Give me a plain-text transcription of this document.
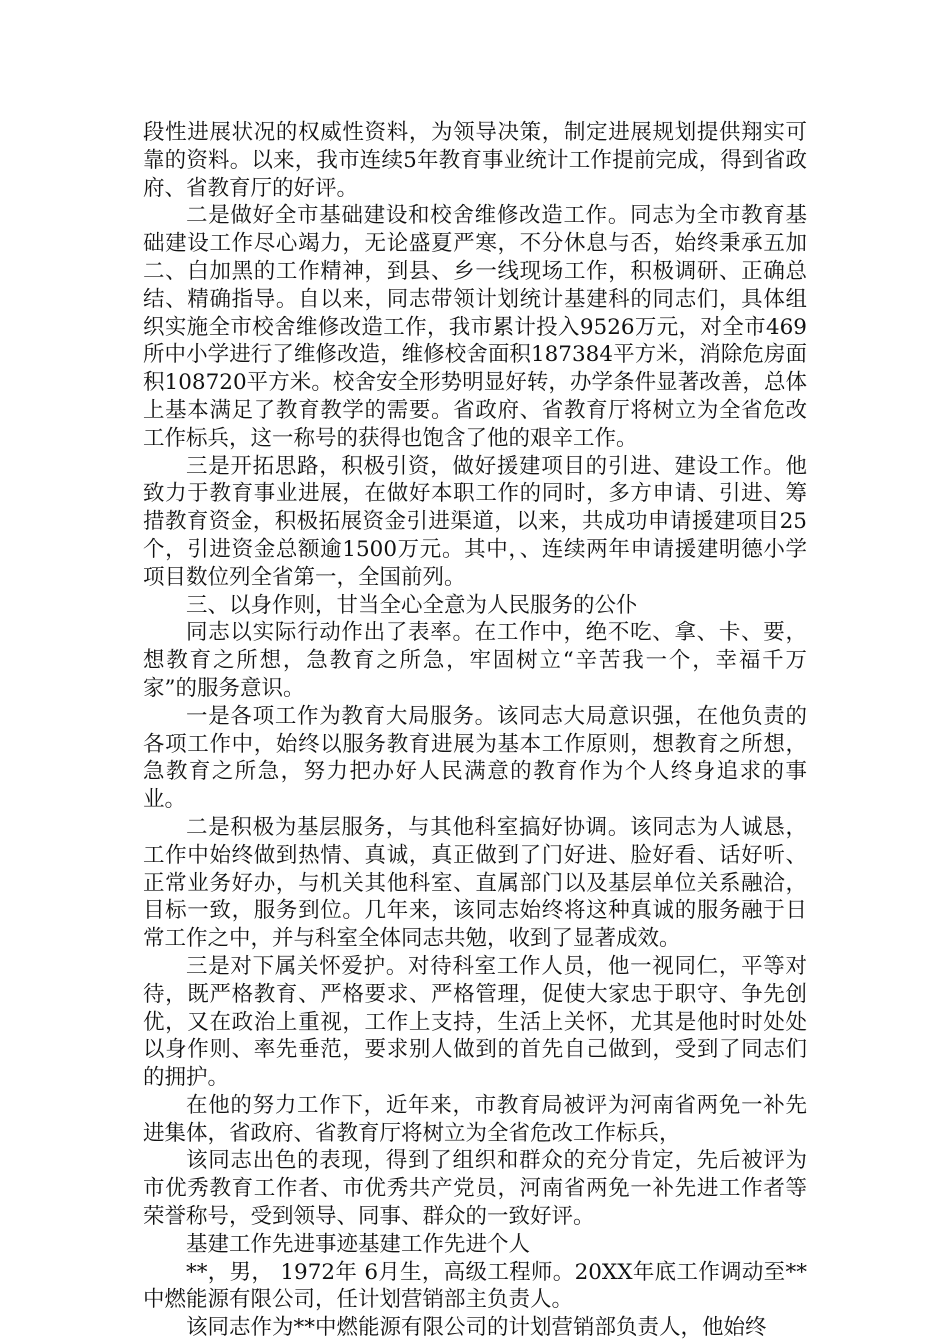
段性进展状况的权威性资料，为领导决策，制定进展规划提供翔实可靠的资料。以来，我市连续5年教育事业统计工作提前完成，得到省政府、省教育厅的好评。

二是做好全市基础建设和校舍维修改造工作。同志为全市教育基础建设工作尽心竭力，无论盛夏严寒，不分休息与否，始终秉承五加二、白加黑的工作精神，到县、乡一线现场工作，积极调研、正确总结、精确指导。自以来，同志带领计划统计基建科的同志们，具体组织实施全市校舍维修改造工作，我市累计投入9526万元，对全市469所中小学进行了维修改造，维修校舍面积187384平方米，消除危房面积108720平方米。校舍安全形势明显好转，办学条件显著改善，总体上基本满足了教育教学的需要。省政府、省教育厅将树立为全省危改工作标兵，这一称号的获得也饱含了他的艰辛工作。

三是开拓思路，积极引资，做好援建项目的引进、建设工作。他致力于教育事业进展，在做好本职工作的同时，多方申请、引进、筹措教育资金，积极拓展资金引进渠道，以来，共成功申请援建项目25个，引进资金总额逾1500万元。其中，、连续两年申请援建明德小学项目数位列全省第一，全国前列。

三、以身作则，甘当全心全意为人民服务的公仆

同志以实际行动作出了表率。在工作中，绝不吃、拿、卡、要，想教育之所想，急教育之所急，牢固树立“辛苦我一个，幸福千万家”的服务意识。

一是各项工作为教育大局服务。该同志大局意识强，在他负责的各项工作中，始终以服务教育进展为基本工作原则，想教育之所想，急教育之所急，努力把办好人民满意的教育作为个人终身追求的事业。

二是积极为基层服务，与其他科室搞好协调。该同志为人诚恳，工作中始终做到热情、真诚，真正做到了门好进、脸好看、话好听、正常业务好办，与机关其他科室、直属部门以及基层单位关系融洽，目标一致，服务到位。几年来，该同志始终将这种真诚的服务融于日常工作之中，并与科室全体同志共勉，收到了显著成效。

三是对下属关怀爱护。对待科室工作人员，他一视同仁，平等对待，既严格教育、严格要求、严格管理，促使大家忠于职守、争先创优，又在政治上重视，工作上支持，生活上关怀，尤其是他时时处处以身作则、率先垂范，要求别人做到的首先自己做到，受到了同志们的拥护。

在他的努力工作下，近年来，市教育局被评为河南省两免一补先进集体，省政府、省教育厅将树立为全省危改工作标兵，

该同志出色的表现，得到了组织和群众的充分肯定，先后被评为市优秀教育工作者、市优秀共产党员，河南省两免一补先进工作者等荣誉称号，受到领导、同事、群众的一致好评。

基建工作先进事迹基建工作先进个人

**，男， 1972年 6月生，高级工程师。20XX年底工作调动至**中燃能源有限公司，任计划营销部主负责人。

该同志作为**中燃能源有限公司的计划营销部负责人，他始终
